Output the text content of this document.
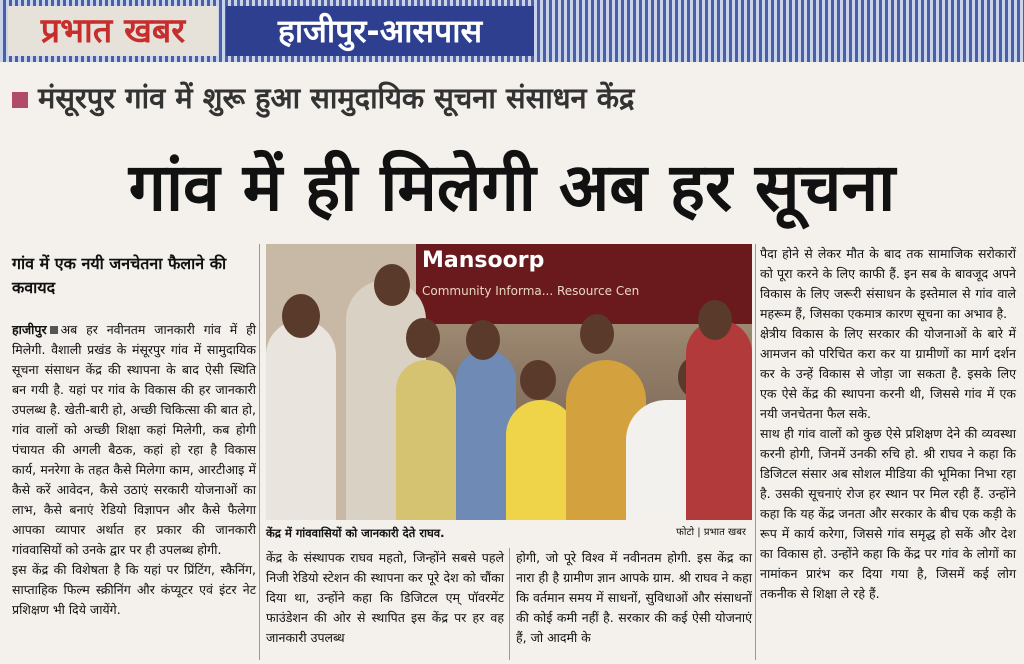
प्रभात खबर	हाजीपुर-आसपास
मंसूरपुर गांव में शुरू हुआ सामुदायिक सूचना संसाधन केंद्र
गांव में ही मिलेगी अब हर सूचना
गांव में एक नयी जनचेतना फैलाने की कवायद
हाजीपुर अब हर नवीनतम जानकारी गांव में ही मिलेगी. वैशाली प्रखंड के मंसूरपुर गांव में सामुदायिक सूचना संसाधन केंद्र की स्थापना के बाद ऐसी स्थिति बन गयी है. यहां पर गांव के विकास की हर जानकारी उपलब्ध है. खेती-बारी हो, अच्छी चिकित्सा की बात हो, गांव वालों को अच्छी शिक्षा कहां मिलेगी, कब होगी पंचायत की अगली बैठक, कहां हो रहा है विकास कार्य, मनरेगा के तहत कैसे मिलेगा काम, आरटीआइ में कैसे करें आवेदन, कैसे उठाएं सरकारी योजनाओं का लाभ, कैसे बनाएं रेडियो विज्ञापन और कैसे फैलेगा आपका व्यापार अर्थात हर प्रकार की जानकारी गांववासियों को उनके द्वार पर ही उपलब्ध होगी.
इस केंद्र की विशेषता है कि यहां पर प्रिंटिंग, स्कैनिंग, साप्ताहिक फिल्म स्क्रीनिंग और कंप्यूटर एवं इंटर नेट प्रशिक्षण भी दिये जायेंगे.
Mansoorp
Community Informa... Resource Cen
केंद्र में गांववासियों को जानकारी देते राघव.	फोटो | प्रभात खबर
केंद्र के संस्थापक राघव महतो, जिन्होंने सबसे पहले निजी रेडियो स्टेशन की स्थापना कर पूरे देश को चौंका दिया था, उन्होंने कहा कि डिजिटल एम्‌ पॉवरमेंट फाउंडेशन की ओर से स्थापित इस केंद्र पर हर वह जानकारी उपलब्ध
होगी, जो पूरे विश्व में नवीनतम होगी. इस केंद्र का नारा ही है ग्रामीण ज्ञान आपके ग्राम. श्री राघव ने कहा कि वर्तमान समय में साधनों, सुविधाओं और संसाधनों की कोई कमी नहीं है. सरकार की कई ऐसी योजनाएं हैं, जो आदमी के
पैदा होने से लेकर मौत के बाद तक सामाजिक सरोकारों को पूरा करने के लिए काफी हैं. इन सब के बावजूद अपने विकास के लिए जरूरी संसाधन के इस्तेमाल से गांव वाले महरूम हैं, जिसका एकमात्र कारण सूचना का अभाव है.
क्षेत्रीय विकास के लिए सरकार की योजनाओं के बारे में आमजन को परिचित करा कर या ग्रामीणों का मार्ग दर्शन कर के उन्हें विकास से जोड़ा जा सकता है. इसके लिए एक ऐसे केंद्र की स्थापना करनी थी, जिससे गांव में एक नयी जनचेतना फैल सके.
साथ ही गांव वालों को कुछ ऐसे प्रशिक्षण देने की व्यवस्था करनी होगी, जिनमें उनकी रुचि हो. श्री राघव ने कहा कि डिजिटल संसार अब सोशल मीडिया की भूमिका निभा रहा है. उसकी सूचनाएं रोज हर स्थान पर मिल रही हैं. उन्होंने कहा कि यह केंद्र जनता और सरकार के बीच एक कड़ी के रूप में कार्य करेगा, जिससे गांव समृद्ध हो सकें और देश का विकास हो. उन्होंने कहा कि केंद्र पर गांव के लोगों का नामांकन प्रारंभ कर दिया गया है, जिसमें कई लोग तकनीक से शिक्षा ले रहे हैं.
